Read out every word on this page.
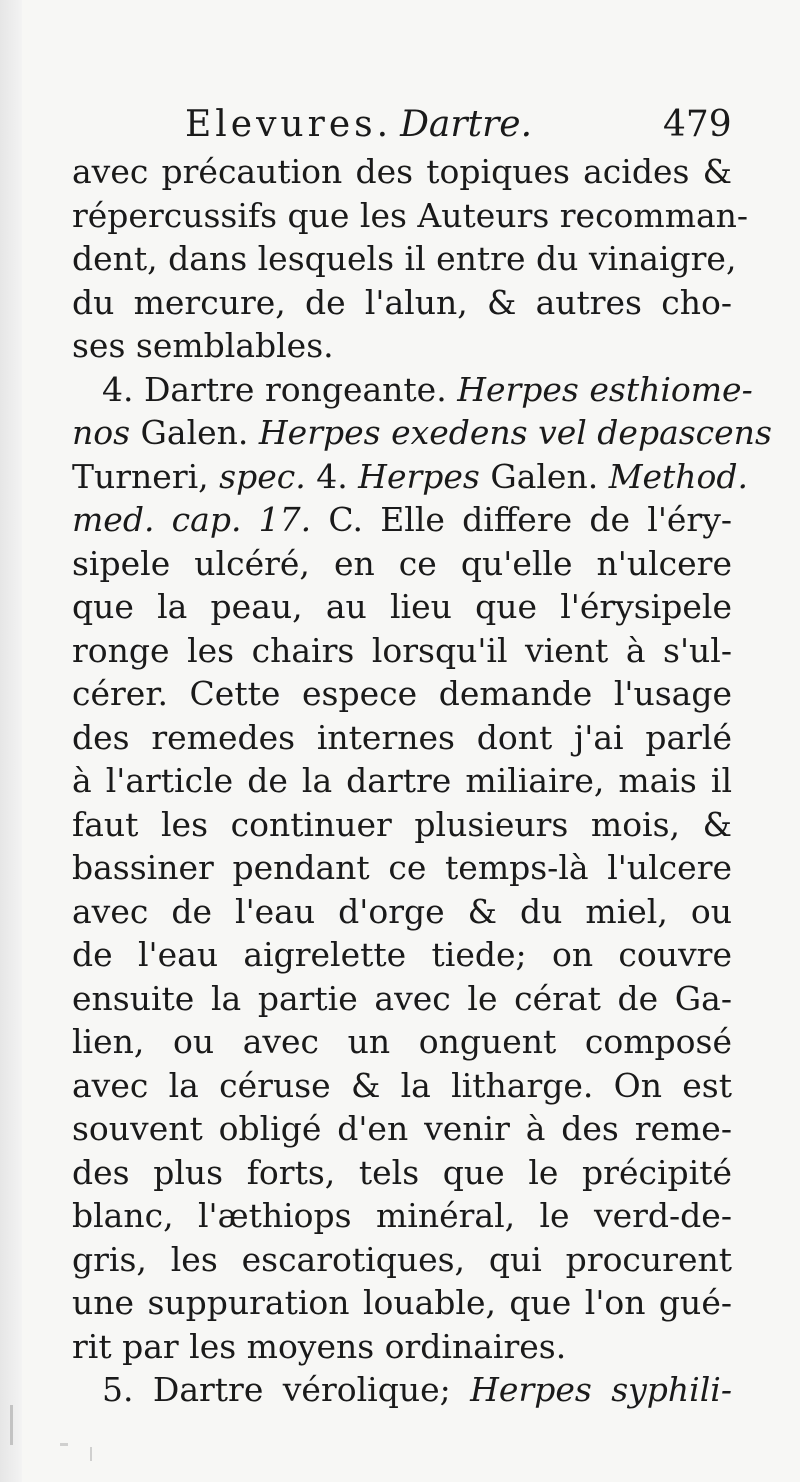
Elevures. Dartre.	479
avec précaution des topiques acides &
répercussifs que les Auteurs recomman-
dent, dans lesquels il entre du vinaigre,
du mercure, de l'alun, & autres cho-
ses semblables.
4. Dartre rongeante. Herpes esthiome-
nos Galen. Herpes exedens vel depascens
Turneri, spec. 4. Herpes Galen. Method.
med. cap. 17. C. Elle differe de l'éry-
sipele ulcéré, en ce qu'elle n'ulcere
que la peau, au lieu que l'érysipele
ronge les chairs lorsqu'il vient à s'ul-
cérer. Cette espece demande l'usage
des remedes internes dont j'ai parlé
à l'article de la dartre miliaire, mais il
faut les continuer plusieurs mois, &
bassiner pendant ce temps-là l'ulcere
avec de l'eau d'orge & du miel, ou
de l'eau aigrelette tiede; on couvre
ensuite la partie avec le cérat de Ga-
lien, ou avec un onguent composé
avec la céruse & la litharge. On est
souvent obligé d'en venir à des reme-
des plus forts, tels que le précipité
blanc, l'æthiops minéral, le verd-de-
gris, les escarotiques, qui procurent
une suppuration louable, que l'on gué-
rit par les moyens ordinaires.
5. Dartre vérolique; Herpes syphili-
